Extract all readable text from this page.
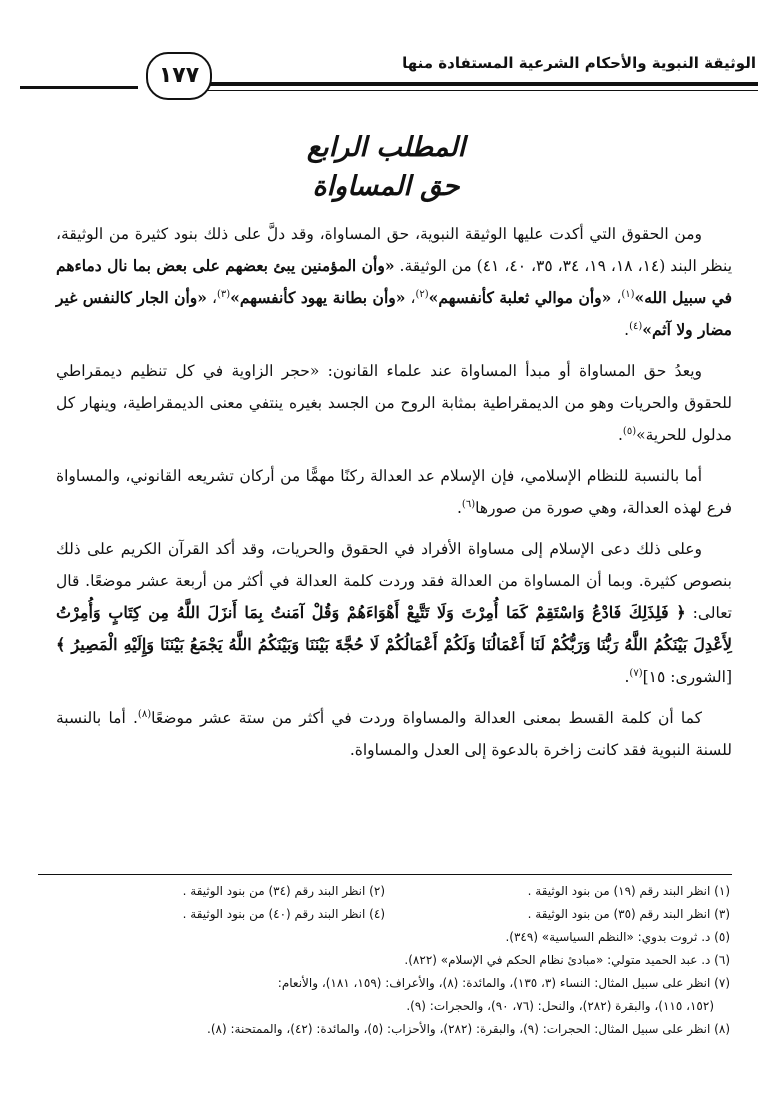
الوثيقة النبوية والأحكام الشرعية المستفادة منها
١٧٧
المطلب الرابع
حق المساواة

ومن الحقوق التي أكدت عليها الوثيقة النبوية، حق المساواة، وقد دلَّ على ذلك بنود كثيرة من الوثيقة، ينظر البند (١٤، ١٨، ١٩، ٣٤، ٣٥، ٤٠، ٤١) من الوثيقة. «وأن المؤمنين يبئ بعضهم على بعض بما نال دماءهم في سبيل الله»$^{(١)}$، «وأن موالي ثعلبة كأنفسهم»$^{(٢)}$، «وأن بطانة يهود كأنفسهم»$^{(٣)}$، «وأن الجار كالنفس غير مضار ولا آثم»$^{(٤)}$.

ويعدُ حق المساواة أو مبدأ المساواة عند علماء القانون: «حجر الزاوية في كل تنظيم ديمقراطي للحقوق والحريات وهو من الديمقراطية بمثابة الروح من الجسد بغيره ينتفي معنى الديمقراطية، وينهار كل مدلول للحرية»$^{(٥)}$.

أما بالنسبة للنظام الإسلامي، فإن الإسلام عد العدالة ركنًا مهمًّا من أركان تشريعه القانوني، والمساواة فرع لهذه العدالة، وهي صورة من صورها$^{(٦)}$.

وعلى ذلك دعى الإسلام إلى مساواة الأفراد في الحقوق والحريات، وقد أكد القرآن الكريم على ذلك بنصوص كثيرة. وبما أن المساواة من العدالة فقد وردت كلمة العدالة في أكثر من أربعة عشر موضعًا. قال تعالى: ﴿ فَلِذَلِكَ فَادْعُ وَاسْتَقِمْ كَمَا أُمِرْتَ وَلَا تَتَّبِعْ أَهْوَاءَهُمْ وَقُلْ آمَنتُ بِمَا أَنزَلَ اللَّهُ مِن كِتَابٍ وَأُمِرْتُ لِأَعْدِلَ بَيْنَكُمُ اللَّهُ رَبُّنَا وَرَبُّكُمْ لَنَا أَعْمَالُنَا وَلَكُمْ أَعْمَالُكُمْ لَا حُجَّةَ بَيْنَنَا وَبَيْنَكُمُ اللَّهُ يَجْمَعُ بَيْنَنَا وَإِلَيْهِ الْمَصِيرُ ﴾ [الشورى: ١٥]$^{(٧)}$.

كما أن كلمة القسط بمعنى العدالة والمساواة وردت في أكثر من ستة عشر موضعًا$^{(٨)}$. أما بالنسبة للسنة النبوية فقد كانت زاخرة بالدعوة إلى العدل والمساواة.

(١) انظر البند رقم (١٩) من بنود الوثيقة .
(٢) انظر البند رقم (٣٤) من بنود الوثيقة .
(٣) انظر البند رقم (٣٥) من بنود الوثيقة .
(٤) انظر البند رقم (٤٠) من بنود الوثيقة .
(٥) د. ثروت بدوي: «النظم السياسية» (٣٤٩).
(٦) د. عبد الحميد متولي: «مبادئ نظام الحكم في الإسلام» (٨٢٢).
(٧) انظر على سبيل المثال: النساء (٣، ١٣٥)، والمائدة: (٨)، والأعراف: (١٥٩، ١٨١)، والأنعام:
(١٥٢، ١١٥)، والبقرة (٢٨٢)، والنحل: (٧٦، ٩٠)، والحجرات: (٩).
(٨) انظر على سبيل المثال: الحجرات: (٩)، والبقرة: (٢٨٢)، والأحزاب: (٥)، والمائدة: (٤٢)، والممتحنة: (٨).
